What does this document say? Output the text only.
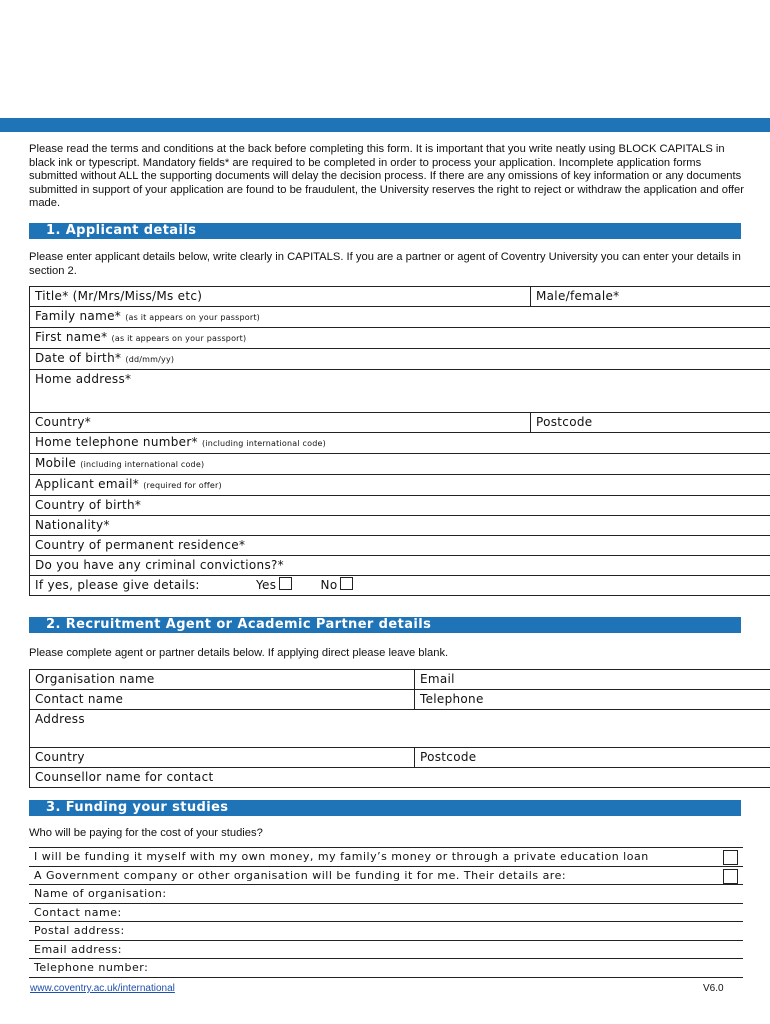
Please read the terms and conditions at the back before completing this form. It is important that you write neatly using BLOCK CAPITALS in black ink or typescript. Mandatory fields* are required to be completed in order to process your application. Incomplete application forms submitted without ALL the supporting documents will delay the decision process. If there are any omissions of key information or any documents submitted in support of your application are found to be fraudulent, the University reserves the right to reject or withdraw the application and offer made.
1. Applicant details
Please enter applicant details below, write clearly in CAPITALS. If you are a partner or agent of Coventry University you can enter your details in section 2.
Title* (Mr/Mrs/Miss/Ms etc)	Male/female*
Family name* (as it appears on your passport)	
First name* (as it appears on your passport)	
Date of birth* (dd/mm/yy)	
Home address*	
Country*	Postcode
Home telephone number* (including international code)	
Mobile (including international code)	
Applicant email* (required for offer)	
Country of birth*	
Nationality*	
Country of permanent residence*	
Do you have any criminal convictions?*	
If yes, please give details: Yes No	
2. Recruitment Agent or Academic Partner details
Please complete agent or partner details below. If applying direct please leave blank.
Organisation name	Email
Contact name	Telephone
Address	
Country	Postcode
Counsellor name for contact	
3. Funding your studies
Who will be paying for the cost of your studies?
I will be funding it myself with my own money, my family’s money or through a private education loan

A Government company or other organisation will be funding it for me. Their details are:

Name of organisation:
Contact name:
Postal address:
Email address:
Telephone number:
www.coventry.ac.uk/international	V6.0
